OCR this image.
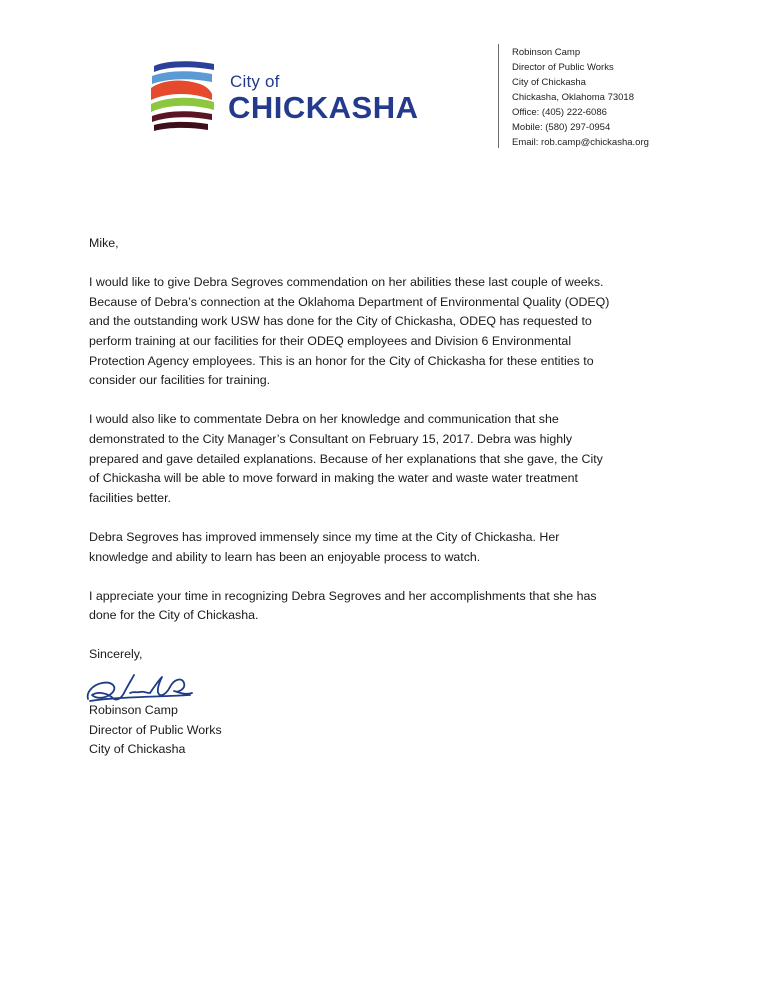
City of
CHICKASHA
Robinson Camp
Director of Public Works
City of Chickasha
Chickasha, Oklahoma 73018
Office: (405) 222-6086
Mobile: (580) 297-0954
Email: rob.camp@chickasha.org
Mike,
I would like to give Debra Segroves commendation on her abilities these last couple of weeks.
Because of Debra’s connection at the Oklahoma Department of Environmental Quality (ODEQ)
and the outstanding work USW has done for the City of Chickasha, ODEQ has requested to
perform training at our facilities for their ODEQ employees and Division 6 Environmental
Protection Agency employees. This is an honor for the City of Chickasha for these entities to
consider our facilities for training.
I would also like to commentate Debra on her knowledge and communication that she
demonstrated to the City Manager’s Consultant on February 15, 2017. Debra was highly
prepared and gave detailed explanations. Because of her explanations that she gave, the City
of Chickasha will be able to move forward in making the water and waste water treatment
facilities better.
Debra Segroves has improved immensely since my time at the City of Chickasha. Her
knowledge and ability to learn has been an enjoyable process to watch.
I appreciate your time in recognizing Debra Segroves and her accomplishments that she has
done for the City of Chickasha.
Sincerely,
Robinson Camp
Director of Public Works
City of Chickasha
